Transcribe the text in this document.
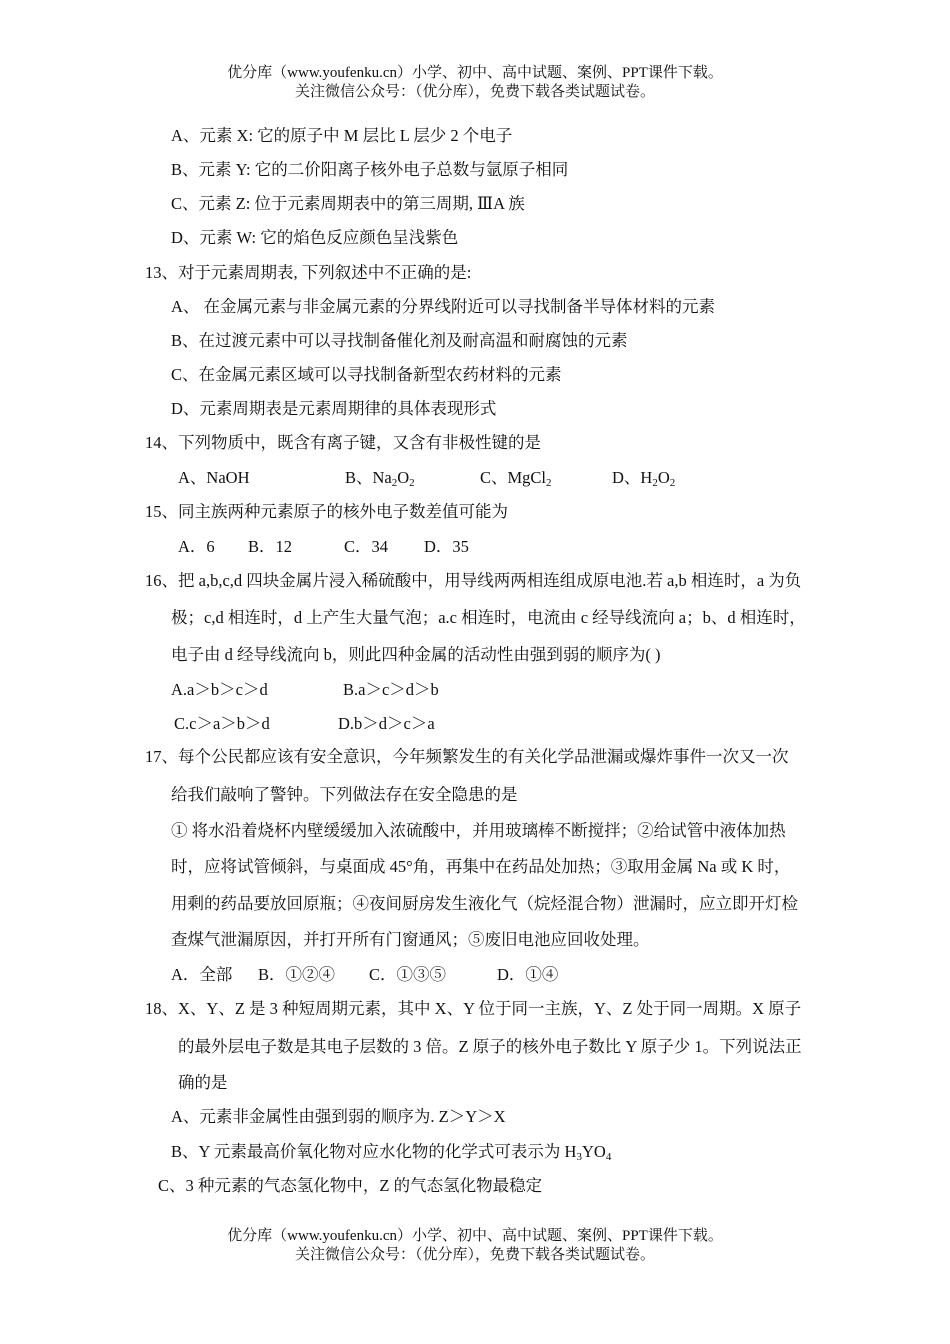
优分库（www.youfenku.cn）小学、初中、高中试题、案例、PPT课件下载。
关注微信公众号：（优分库），免费下载各类试题试卷。
A、元素 X: 它的原子中 M 层比 L 层少 2 个电子
B、元素 Y: 它的二价阳离子核外电子总数与氩原子相同
C、元素 Z: 位于元素周期表中的第三周期, ⅢA 族
D、元素 W: 它的焰色反应颜色呈浅紫色
13、对于元素周期表, 下列叙述中不正确的是:
A、 在金属元素与非金属元素的分界线附近可以寻找制备半导体材料的元素
B、在过渡元素中可以寻找制备催化剂及耐高温和耐腐蚀的元素
C、在金属元素区域可以寻找制备新型农药材料的元素
D、元素周期表是元素周期律的具体表现形式
14、下列物质中，既含有离子键，又含有非极性键的是
A、NaOH	B、$Na_2O_2$	C、MgCl$_2$	D、$H_2O_2$
15、同主族两种元素原子的核外电子数差值可能为
A．6 B．12	C．34 D．35
16、把 a,b,c,d 四块金属片浸入稀硫酸中，用导线两两相连组成原电池.若 a,b 相连时，a 为负
极；c,d 相连时，d 上产生大量气泡；a.c 相连时，电流由 c 经导线流向 a；b、d 相连时，
电子由 d 经导线流向 b，则此四种金属的活动性由强到弱的顺序为( )
A.a＞b＞c＞d	B.a＞c＞d＞b
C.c＞a＞b＞d	D.b＞d＞c＞a
17、每个公民都应该有安全意识，今年频繁发生的有关化学品泄漏或爆炸事件一次又一次
给我们敲响了警钟。下列做法存在安全隐患的是
① 将水沿着烧杯内壁缓缓加入浓硫酸中，并用玻璃棒不断搅拌；②给试管中液体加热
时，应将试管倾斜，与桌面成 45°角，再集中在药品处加热；③取用金属 Na 或 K 时，
用剩的药品要放回原瓶；④夜间厨房发生液化气（烷烃混合物）泄漏时，应立即开灯检
查煤气泄漏原因，并打开所有门窗通风；⑤废旧电池应回收处理。
A．全部 B．①②④ C．①③⑤	D．①④
18、X、Y、Z 是 3 种短周期元素，其中 X、Y 位于同一主族，Y、Z 处于同一周期。X 原子
的最外层电子数是其电子层数的 3 倍。Z 原子的核外电子数比 Y 原子少 1。下列说法正
确的是
A、元素非金属性由强到弱的顺序为. Z＞Y＞X
B、Y 元素最高价氧化物对应水化物的化学式可表示为 $H_3YO_4$
C、3 种元素的气态氢化物中，Z 的气态氢化物最稳定
优分库（www.youfenku.cn）小学、初中、高中试题、案例、PPT课件下载。
关注微信公众号：（优分库），免费下载各类试题试卷。
